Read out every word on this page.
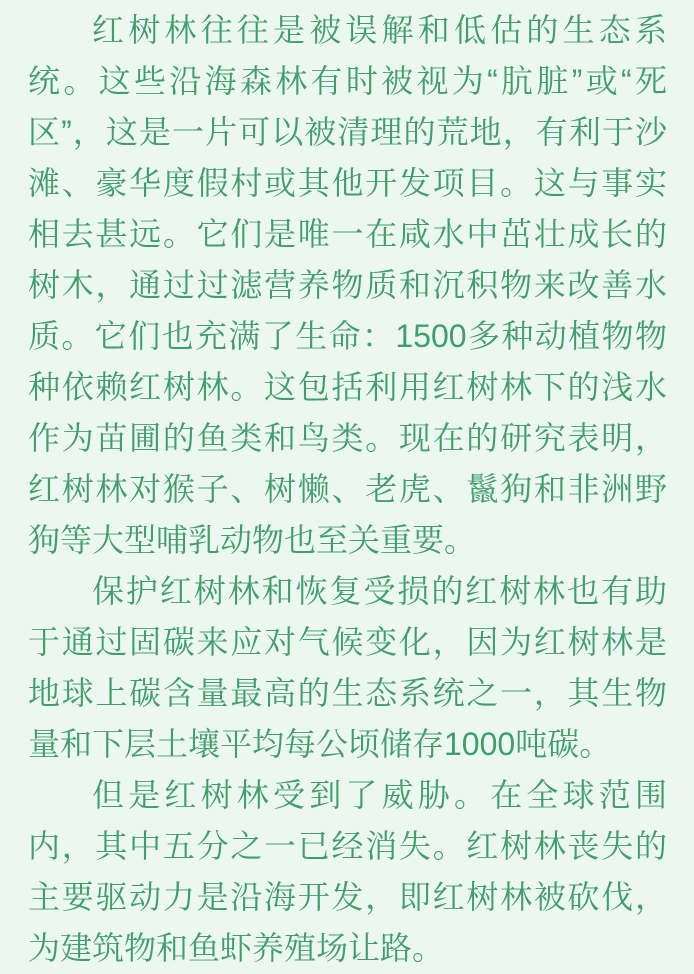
红树林往往是被误解和低估的生态系统。这些沿海森林有时被视为“肮脏”或“死区”，这是一片可以被清理的荒地，有利于沙滩、豪华度假村或其他开发项目。这与事实相去甚远。它们是唯一在咸水中茁壮成长的树木，通过过滤营养物质和沉积物来改善水质。它们也充满了生命：1500多种动植物物种依赖红树林。这包括利用红树林下的浅水作为苗圃的鱼类和鸟类。现在的研究表明，红树林对猴子、树懒、老虎、鬣狗和非洲野狗等大型哺乳动物也至关重要。

保护红树林和恢复受损的红树林也有助于通过固碳来应对气候变化，因为红树林是地球上碳含量最高的生态系统之一，其生物量和下层土壤平均每公顷储存1000吨碳。

但是红树林受到了威胁。在全球范围内，其中五分之一已经消失。红树林丧失的主要驱动力是沿海开发，即红树林被砍伐，为建筑物和鱼虾养殖场让路。
